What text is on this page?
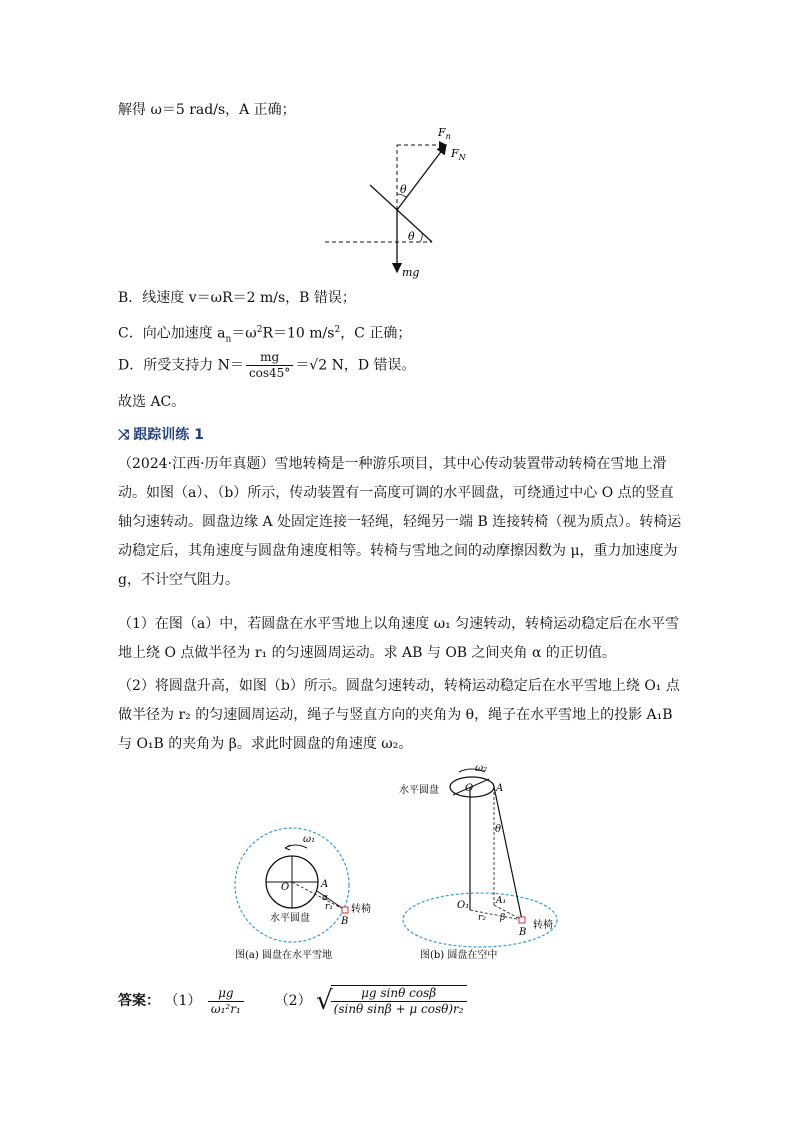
解得 ω＝5 rad/s，A 正确；
$F_n$
$F_N$
θ
θ
mg
B．线速度 v＝ωR＝2 m/s，B 错误；
C．向心加速度 $a_n=\omega^2R=10$ $m/s^2$，C 正确；
D．所受支持力 $N= \frac{mg}{\cos 45^\circ} =√2$ N，D 错误。
故选 AC。
⤨ 跟踪训练 1
（2024·江西·历年真题）雪地转椅是一种游乐项目，其中心传动装置带动转椅在雪地上滑动。如图（a）、（b）所示，传动装置有一高度可调的水平圆盘，可绕通过中心 O 点的竖直轴匀速转动。圆盘边缘 A 处固定连接一轻绳，轻绳另一端 B 连接转椅（视为质点）。转椅运动稳定后，其角速度与圆盘角速度相等。转椅与雪地之间的动摩擦因数为 μ，重力加速度为 g，不计空气阻力。
（1）在图（a）中，若圆盘在水平雪地上以角速度 ω₁ 匀速转动，转椅运动稳定后在水平雪地上绕 O 点做半径为 r₁ 的匀速圆周运动。求 AB 与 OB 之间夹角 α 的正切值。
（2）将圆盘升高，如图（b）所示。圆盘匀速转动，转椅运动稳定后在水平雪地上绕 O₁ 点做半径为 r₂ 的匀速圆周运动，绳子与竖直方向的夹角为 θ，绳子在水平雪地上的投影 A₁B 与 O₁B 的夹角为 β。求此时圆盘的角速度 ω₂。
ω₁
O	A
α
r₁
B
水平圆盘
转椅
图(a) 圆盘在水平雪地
ω₂
水平圆盘	O A
θ
O₁	A₁
r₂ β
B
转椅
图(b) 圆盘在空中
答案： $(1) \frac{\mu g}{\text{ω₁²r₁}} (2)$ √
$\frac{\text{μg sinθ cosβ}}{\text{(sinθ sinβ + μ cosθ)r₂}}$
